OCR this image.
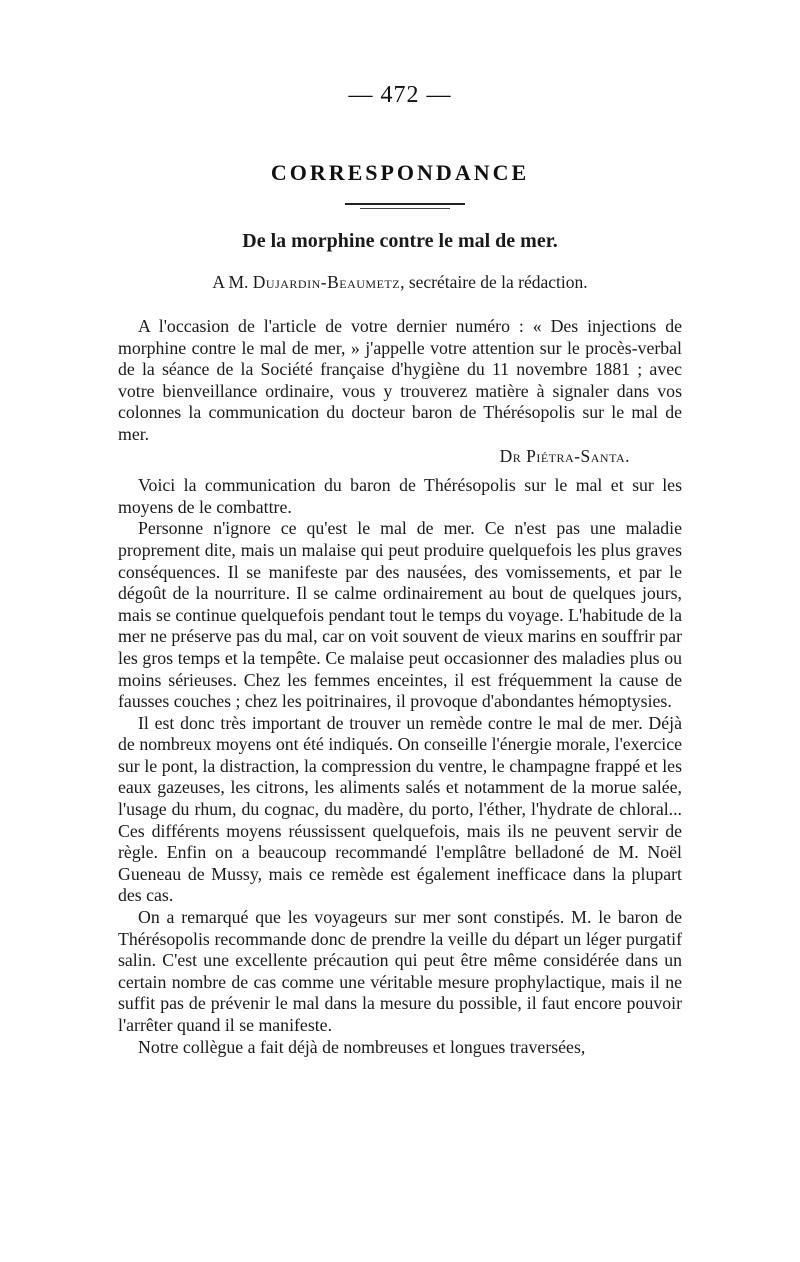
— 472 —
CORRESPONDANCE
De la morphine contre le mal de mer.
A M. Dujardin-Beaumetz, secrétaire de la rédaction.

A l'occasion de l'article de votre dernier numéro : « Des injections de morphine contre le mal de mer, » j'appelle votre attention sur le procès-verbal de la séance de la Société française d'hygiène du 11 novembre 1881 ; avec votre bienveillance ordinaire, vous y trouverez matière à signaler dans vos colonnes la communication du docteur baron de Thérésopolis sur le mal de mer.

Dr Piétra-Santa.

Voici la communication du baron de Thérésopolis sur le mal et sur les moyens de le combattre.

Personne n'ignore ce qu'est le mal de mer. Ce n'est pas une maladie proprement dite, mais un malaise qui peut produire quelquefois les plus graves conséquences. Il se manifeste par des nausées, des vomissements, et par le dégoût de la nourriture. Il se calme ordinairement au bout de quelques jours, mais se continue quelquefois pendant tout le temps du voyage. L'habitude de la mer ne préserve pas du mal, car on voit souvent de vieux marins en souffrir par les gros temps et la tempête. Ce malaise peut occasionner des maladies plus ou moins sérieuses. Chez les femmes enceintes, il est fréquemment la cause de fausses couches ; chez les poitrinaires, il provoque d'abondantes hémoptysies.

Il est donc très important de trouver un remède contre le mal de mer. Déjà de nombreux moyens ont été indiqués. On conseille l'énergie morale, l'exercice sur le pont, la distraction, la compression du ventre, le champagne frappé et les eaux gazeuses, les citrons, les aliments salés et notamment de la morue salée, l'usage du rhum, du cognac, du madère, du porto, l'éther, l'hydrate de chloral... Ces différents moyens réussissent quelquefois, mais ils ne peuvent servir de règle. Enfin on a beaucoup recommandé l'emplâtre belladoné de M. Noël Gueneau de Mussy, mais ce remède est également inefficace dans la plupart des cas.

On a remarqué que les voyageurs sur mer sont constipés. M. le baron de Thérésopolis recommande donc de prendre la veille du départ un léger purgatif salin. C'est une excellente précaution qui peut être même considérée dans un certain nombre de cas comme une véritable mesure prophylactique, mais il ne suffit pas de prévenir le mal dans la mesure du possible, il faut encore pouvoir l'arrêter quand il se manifeste.

Notre collègue a fait déjà de nombreuses et longues traversées,
